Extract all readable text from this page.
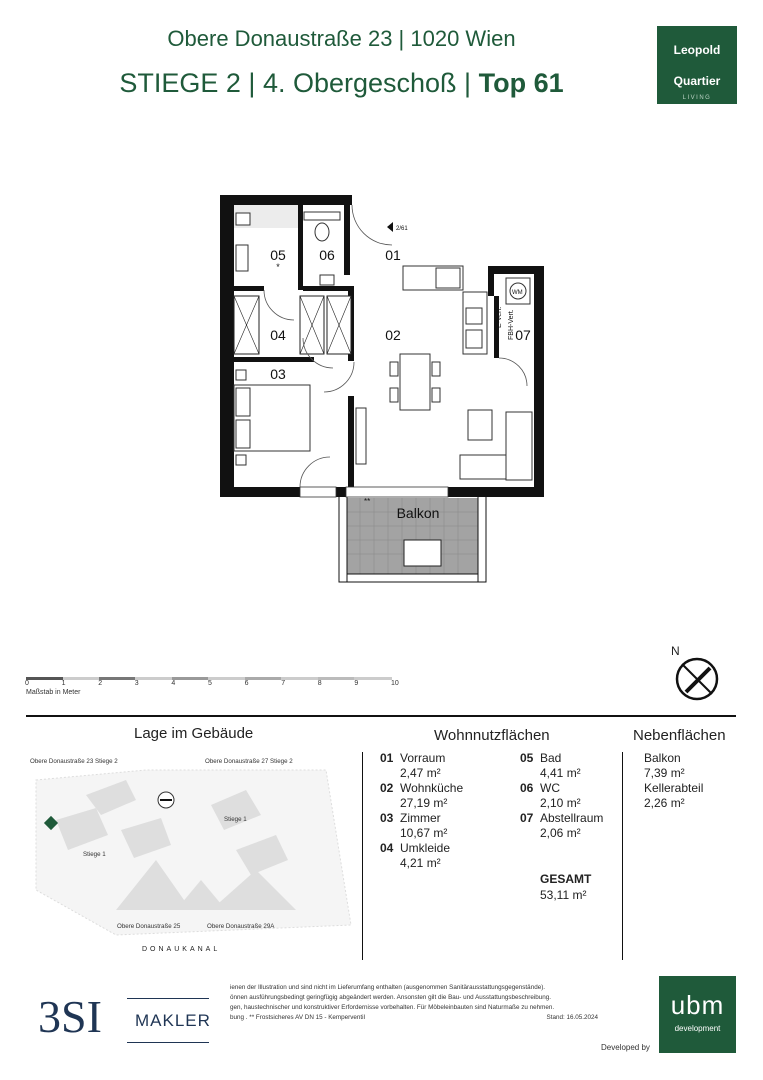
Obere Donaustraße 23 | 1020 Wien
STIEGE 2 | 4. Obergeschoß | Top 61
Leopold
Quartier
LIVING
05 06	01
04	02	07
03
Balkon
2/61
WM
*
**
E-Vert. FBH-Vert.
0	1	2	3	4	5	6	7	8	9	10
Maßstab in Meter
N
Lage im Gebäude
Obere Donaustraße 23 Stiege 2	Obere Donaustraße 27 Stiege 2
Stiege 1
Stiege 1
Obere Donaustraße 25	Obere Donaustraße 29A
DONAUKANAL
Wohnnutzflächen
01 Vorraum
2,47 m²
02 Wohnküche
27,19 m²
03 Zimmer
10,67 m²
04 Umkleide
4,21 m²
05 Bad
4,41 m²
06 WC
2,10 m²
07 Abstellraum
2,06 m²
GESAMT
53,11 m²
Nebenflächen
Balkon
7,39 m²
Kellerabteil
2,26 m²
3SI MAKLER
ienen der Illustration und sind nicht im Lieferumfang enthalten (ausgenommen Sanitärausstattungsgegenstände).
önnen ausführungsbedingt geringfügig abgeändert werden. Ansonsten gilt die Bau- und Ausstattungsbeschreibung.
gen, haustechnischer und konstruktiver Erfordernisse vorbehalten. Für Möbeleinbauten sind Naturmaße zu nehmen.
bung . ** Frostsicheres AV DN 15 - Kemperventil	Stand: 16.05.2024
Developed by
ubm
development
